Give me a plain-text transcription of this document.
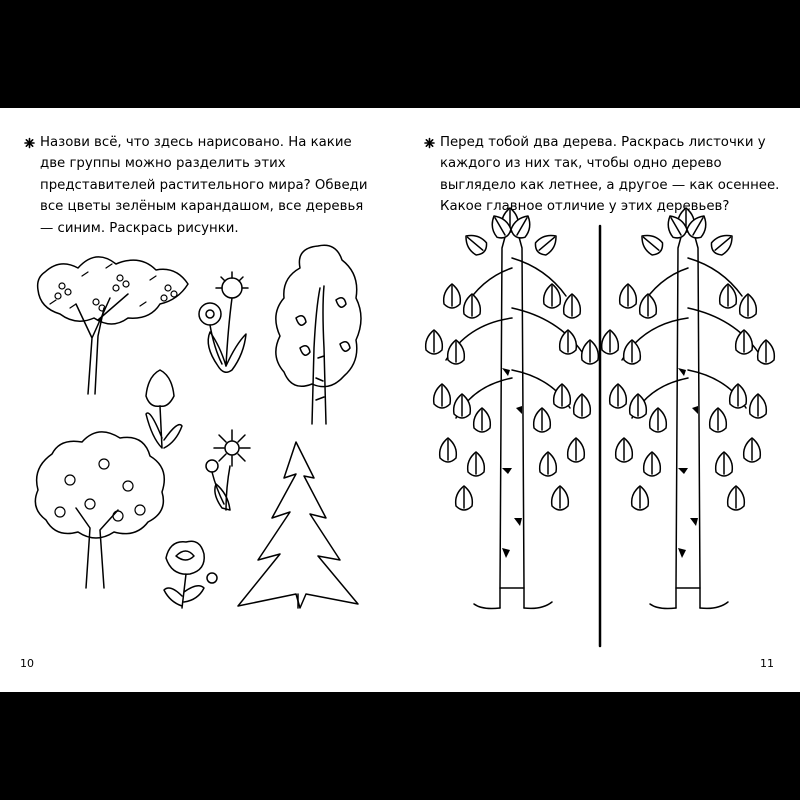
Назови всё, что здесь нарисовано. На какие две группы можно разделить этих представителей растительного мира? Обведи все цветы зелёным карандашом, все деревья — синим. Раскрась рисунки.

10

Перед тобой два дерева. Раскрась листочки у каждого из них так, чтобы одно дерево выглядело как летнее, а другое — как осеннее. Какое главное отличие у этих деревьев?

11
